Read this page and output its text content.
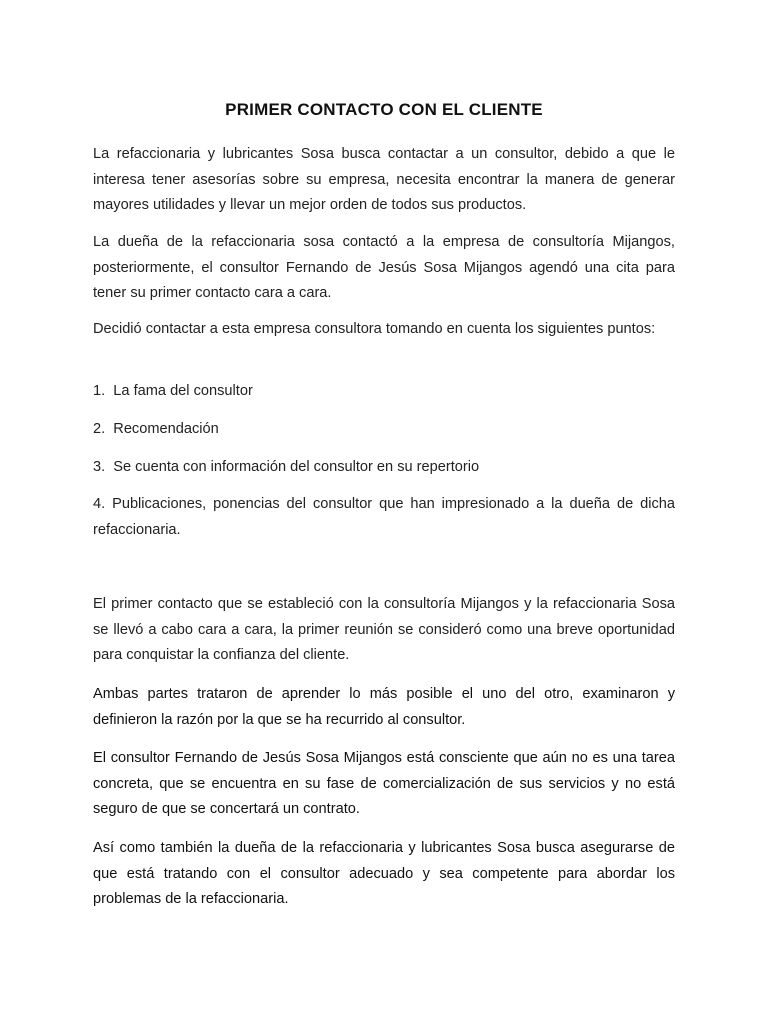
PRIMER CONTACTO CON EL CLIENTE

La refaccionaria y lubricantes Sosa busca contactar a un consultor, debido a que le interesa tener asesorías sobre su empresa, necesita encontrar la manera de generar mayores utilidades y llevar un mejor orden de todos sus productos.

La dueña de la refaccionaria sosa contactó a la empresa de consultoría Mijangos, posteriormente, el consultor Fernando de Jesús Sosa Mijangos agendó una cita para tener su primer contacto cara a cara.

Decidió contactar a esta empresa consultora tomando en cuenta los siguientes puntos:

1.  La fama del consultor

2.  Recomendación

3.  Se cuenta con información del consultor en su repertorio

4. Publicaciones, ponencias del consultor que han impresionado a la dueña de dicha refaccionaria.

El primer contacto que se estableció con la consultoría Mijangos y la refaccionaria Sosa se llevó a cabo cara a cara, la primer reunión se consideró como una breve oportunidad para conquistar la confianza del cliente.

Ambas partes trataron de aprender lo más posible el uno del otro, examinaron y definieron la razón por la que se ha recurrido al consultor.

El consultor Fernando de Jesús Sosa Mijangos está consciente que aún no es una tarea concreta, que se encuentra en su fase de comercialización de sus servicios y no está seguro de que se concertará un contrato.

Así como también la dueña de la refaccionaria y lubricantes Sosa busca asegurarse de que está tratando con el consultor adecuado y sea competente para abordar los problemas de la refaccionaria.
